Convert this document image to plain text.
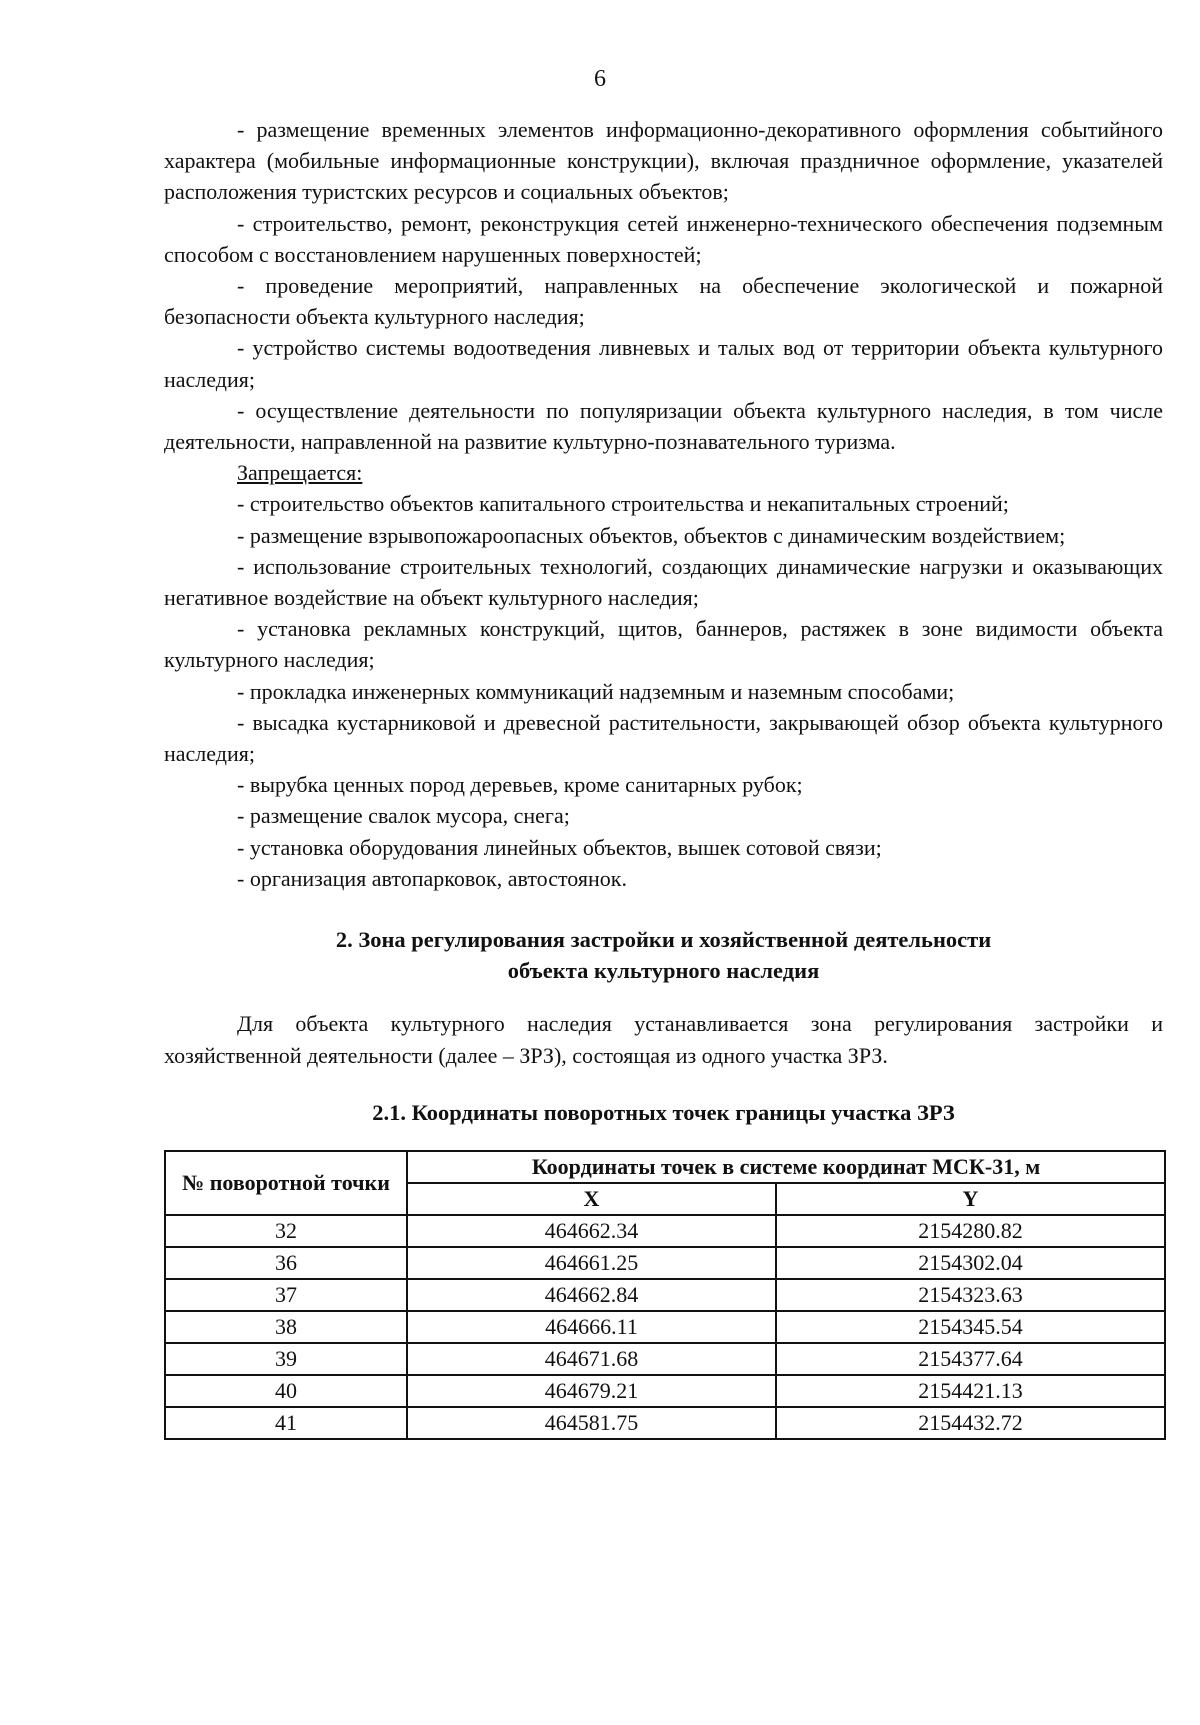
6

- размещение временных элементов информационно-декоративного оформления событийного характера (мобильные информационные конструкции), включая праздничное оформление, указателей расположения туристских ресурсов и социальных объектов;

- строительство, ремонт, реконструкция сетей инженерно-технического обеспечения подземным способом с восстановлением нарушенных поверхностей;

- проведение мероприятий, направленных на обеспечение экологической и пожарной безопасности объекта культурного наследия;

- устройство системы водоотведения ливневых и талых вод от территории объекта культурного наследия;

- осуществление деятельности по популяризации объекта культурного наследия, в том числе деятельности, направленной на развитие культурно-познавательного туризма.

Запрещается:

- строительство объектов капитального строительства и некапитальных строений;

- размещение взрывопожароопасных объектов, объектов с динамическим воздействием;

- использование строительных технологий, создающих динамические нагрузки и оказывающих негативное воздействие на объект культурного наследия;

- установка рекламных конструкций, щитов, баннеров, растяжек в зоне видимости объекта культурного наследия;

- прокладка инженерных коммуникаций надземным и наземным способами;

- высадка кустарниковой и древесной растительности, закрывающей обзор объекта культурного наследия;

- вырубка ценных пород деревьев, кроме санитарных рубок;

- размещение свалок мусора, снега;

- установка оборудования линейных объектов, вышек сотовой связи;

- организация автопарковок, автостоянок.

2. Зона регулирования застройки и хозяйственной деятельности
объекта культурного наследия

Для объекта культурного наследия устанавливается зона регулирования застройки и хозяйственной деятельности (далее – ЗРЗ), состоящая из одного участка ЗРЗ.

2.1. Координаты поворотных точек границы участка ЗРЗ
№ поворотной точки	Координаты точек в системе координат МСК-31, м	
	X	Y
32	464662.34	2154280.82
36	464661.25	2154302.04
37	464662.84	2154323.63
38	464666.11	2154345.54
39	464671.68	2154377.64
40	464679.21	2154421.13
41	464581.75	2154432.72
